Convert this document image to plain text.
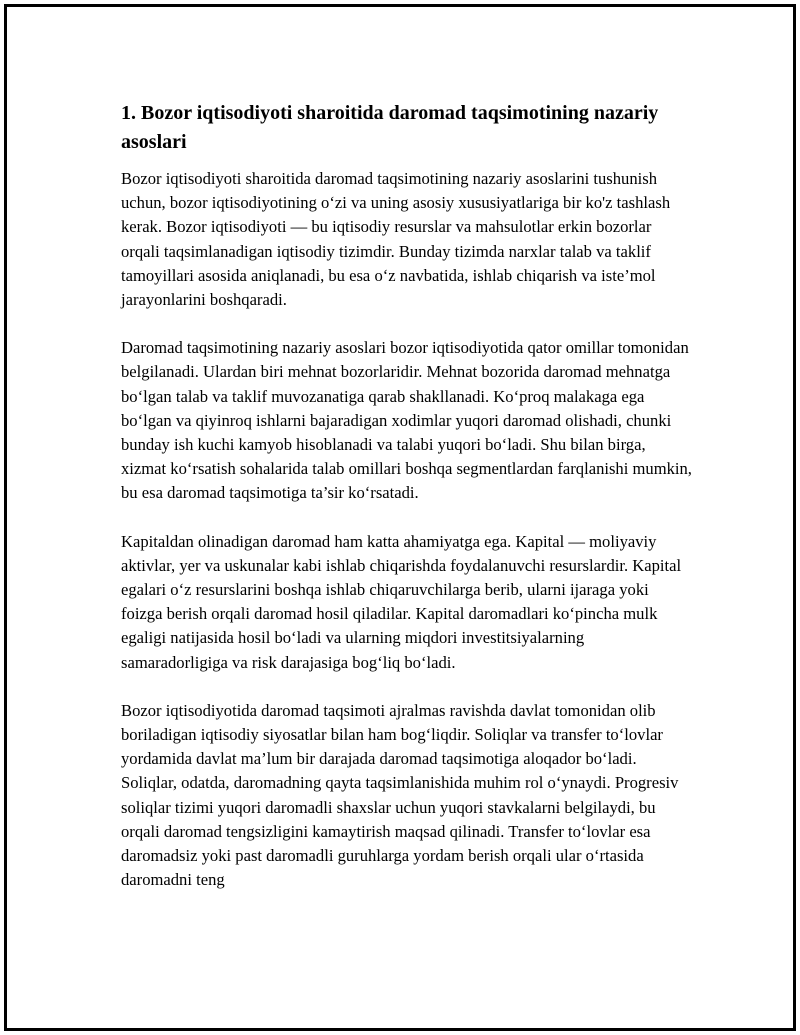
1. Bozor iqtisodiyoti sharoitida daromad taqsimotining nazariy asoslari

Bozor iqtisodiyoti sharoitida daromad taqsimotining nazariy asoslarini tushunish uchun, bozor iqtisodiyotining o‘zi va uning asosiy xususiyatlariga bir ko'z tashlash kerak. Bozor iqtisodiyoti — bu iqtisodiy resurslar va mahsulotlar erkin bozorlar orqali taqsimlanadigan iqtisodiy tizimdir. Bunday tizimda narxlar talab va taklif tamoyillari asosida aniqlanadi, bu esa o‘z navbatida, ishlab chiqarish va iste’mol jarayonlarini boshqaradi.

Daromad taqsimotining nazariy asoslari bozor iqtisodiyotida qator omillar tomonidan belgilanadi. Ulardan biri mehnat bozorlaridir. Mehnat bozorida daromad mehnatga bo‘lgan talab va taklif muvozanatiga qarab shakllanadi. Ko‘proq malakaga ega bo‘lgan va qiyinroq ishlarni bajaradigan xodimlar yuqori daromad olishadi, chunki bunday ish kuchi kamyob hisoblanadi va talabi yuqori bo‘ladi. Shu bilan birga, xizmat ko‘rsatish sohalarida talab omillari boshqa segmentlardan farqlanishi mumkin, bu esa daromad taqsimotiga ta’sir ko‘rsatadi.

Kapitaldan olinadigan daromad ham katta ahamiyatga ega. Kapital — moliyaviy aktivlar, yer va uskunalar kabi ishlab chiqarishda foydalanuvchi resurslardir. Kapital egalari o‘z resurslarini boshqa ishlab chiqaruvchilarga berib, ularni ijaraga yoki foizga berish orqali daromad hosil qiladilar. Kapital daromadlari ko‘pincha mulk egaligi natijasida hosil bo‘ladi va ularning miqdori investitsiyalarning samaradorligiga va risk darajasiga bog‘liq bo‘ladi.

Bozor iqtisodiyotida daromad taqsimoti ajralmas ravishda davlat tomonidan olib boriladigan iqtisodiy siyosatlar bilan ham bog‘liqdir. Soliqlar va transfer to‘lovlar yordamida davlat ma’lum bir darajada daromad taqsimotiga aloqador bo‘ladi. Soliqlar, odatda, daromadning qayta taqsimlanishida muhim rol o‘ynaydi. Progresiv soliqlar tizimi yuqori daromadli shaxslar uchun yuqori stavkalarni belgilaydi, bu orqali daromad tengsizligini kamaytirish maqsad qilinadi. Transfer to‘lovlar esa daromadsiz yoki past daromadli guruhlarga yordam berish orqali ular o‘rtasida daromadni teng
